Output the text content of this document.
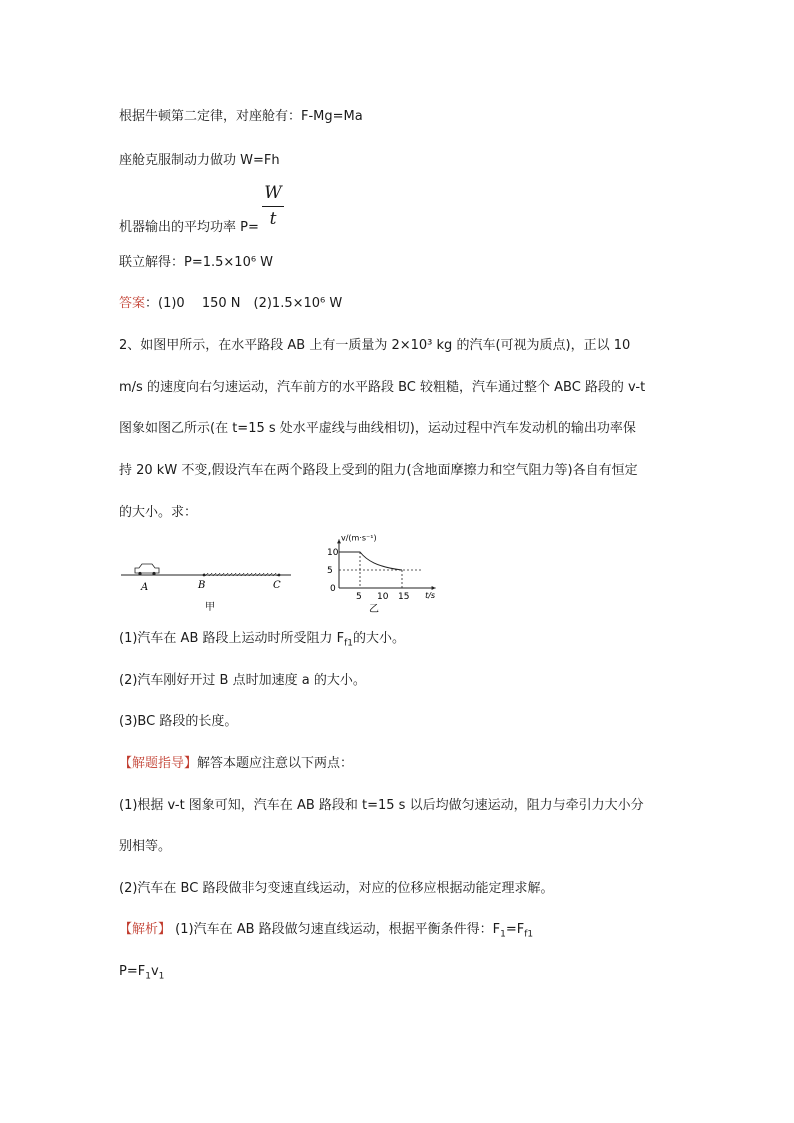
根据牛顿第二定律，对座舱有：F-Mg=Ma
座舱克服制动力做功 W=Fh
机器输出的平均功率 P=
W
t
联立解得：P=1.5×10⁶ W
答案：(1)0　 150 N　(2)1.5×10⁶ W
2、如图甲所示，在水平路段 AB 上有一质量为 2×10³ kg 的汽车(可视为质点)，正以 10
m/s 的速度向右匀速运动，汽车前方的水平路段 BC 较粗糙，汽车通过整个 ABC 路段的 v-t
图象如图乙所示(在 t=15 s 处水平虚线与曲线相切)，运动过程中汽车发动机的输出功率保
持 20 kW 不变,假设汽车在两个路段上受到的阻力(含地面摩擦力和空气阻力等)各自有恒定
的大小。求：
A	B	C
甲
v/(m·s⁻¹)
t/s
10
5
0
5 10 15
乙
(1)汽车在 AB 路段上运动时所受阻力 $F_{f1}$的大小。
(2)汽车刚好开过 B 点时加速度 a 的大小。
(3)BC 路段的长度。
【解题指导】解答本题应注意以下两点：
(1)根据 v-t 图象可知，汽车在 AB 路段和 t=15 s 以后均做匀速运动，阻力与牵引力大小分
别相等。
(2)汽车在 BC 路段做非匀变速直线运动，对应的位移应根据动能定理求解。
【解析】 (1)汽车在 AB 路段做匀速直线运动，根据平衡条件得：$F_1=F_{f1}$
$P=F_1v_1$
